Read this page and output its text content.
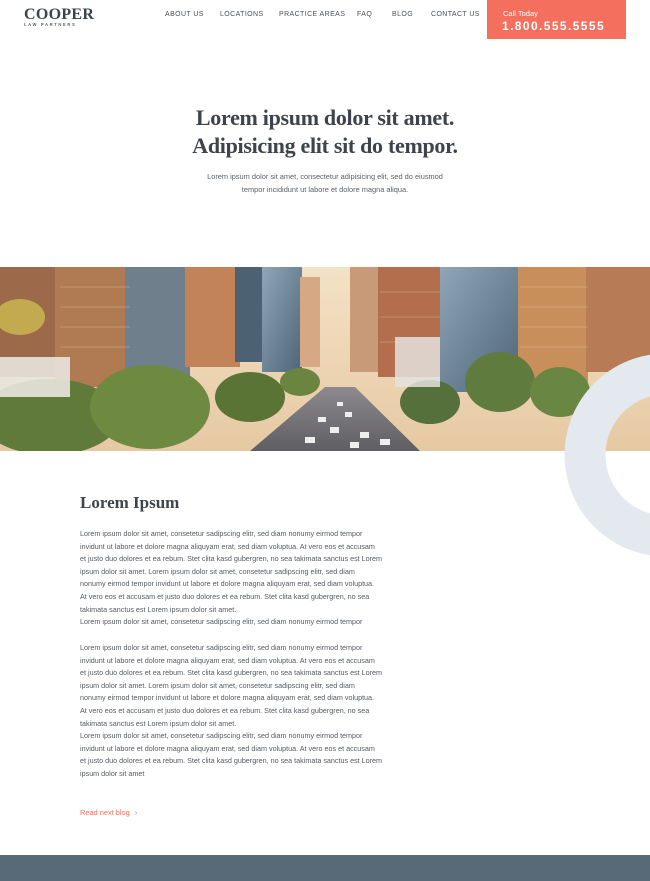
COOPER
LAW PARTNERS
ABOUT US LOCATIONS PRACTICE AREAS FAQ	BLOG	CONTACT US	Call Today
1.800.555.5555
Lorem ipsum dolor sit amet.
Adipisicing elit sit do tempor.

Lorem ipsum dolor sit amet, consectetur adipisicing elit, sed do eiusmod
tempor incididunt ut labore et dolore magna aliqua.

Lorem Ipsum
Lorem ipsum dolor sit amet, consetetur sadipscing elitr, sed diam nonumy eirmod tempor
invidunt ut labore et dolore magna aliquyam erat, sed diam voluptua. At vero eos et accusam
et justo duo dolores et ea rebum. Stet clita kasd gubergren, no sea takimata sanctus est Lorem
ipsum dolor sit amet. Lorem ipsum dolor sit amet, consetetur sadipscing elitr, sed diam
nonumy eirmod tempor invidunt ut labore et dolore magna aliquyam erat, sed diam voluptua.
At vero eos et accusam et justo duo dolores et ea rebum. Stet clita kasd gubergren, no sea
takimata sanctus est Lorem ipsum dolor sit amet.
Lorem ipsum dolor sit amet, consetetur sadipscing elitr, sed diam nonumy eirmod tempor
Lorem ipsum dolor sit amet, consetetur sadipscing elitr, sed diam nonumy eirmod tempor
invidunt ut labore et dolore magna aliquyam erat, sed diam voluptua. At vero eos et accusam
et justo duo dolores et ea rebum. Stet clita kasd gubergren, no sea takimata sanctus est Lorem
ipsum dolor sit amet. Lorem ipsum dolor sit amet, consetetur sadipscing elitr, sed diam
nonumy eirmod tempor invidunt ut labore et dolore magna aliquyam erat, sed diam voluptua.
At vero eos et accusam et justo duo dolores et ea rebum. Stet clita kasd gubergren, no sea
takimata sanctus est Lorem ipsum dolor sit amet.
Lorem ipsum dolor sit amet, consetetur sadipscing elitr, sed diam nonumy eirmod tempor
invidunt ut labore et dolore magna aliquyam erat, sed diam voluptua. At vero eos et accusam
et justo duo dolores et ea rebum. Stet clita kasd gubergren, no sea takimata sanctus est Lorem
ipsum dolor sit amet
Read next blog ›
